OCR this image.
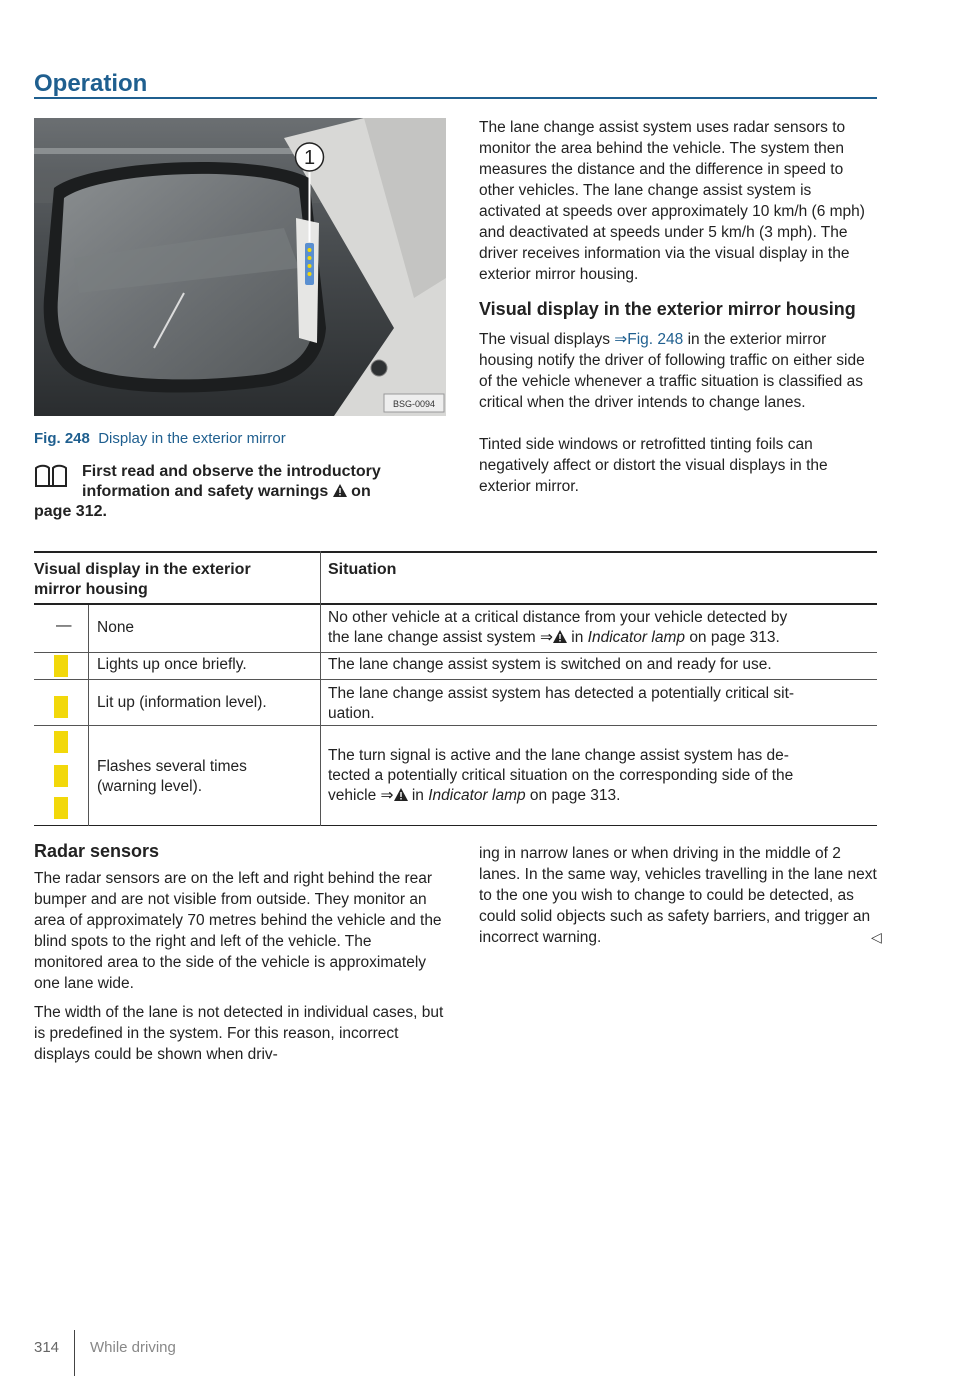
Operation
1
BSG-0094
Fig. 248 Display in the exterior mirror
First read and observe the introductory
information and safety warnings on
page 312.
The lane change assist system uses radar sensors to monitor the area behind the vehicle. The system then measures the distance and the difference in speed to other vehicles. The lane change assist system is activated at speeds over approximately 10 km/h (6 mph) and deactivated at speeds under 5 km/h (3 mph). The driver receives information via the visual display in the exterior mirror housing.
Visual display in the exterior mirror housing
The visual displays ⇒Fig. 248 in the exterior mirror housing notify the driver of following traffic on either side of the vehicle whenever a traffic situation is classified as critical when the driver intends to change lanes.
Tinted side windows or retrofitted tinting foils can negatively affect or distort the visual displays in the exterior mirror.
Visual display in the exterior
mirror housing
Situation
— None
No other vehicle at a critical distance from your vehicle detected by
the lane change assist system ⇒ in Indicator lamp on page 313.
Lights up once briefly.	The lane change assist system is switched on and ready for use.
Lit up (information level).
The lane change assist system has detected a potentially critical sit-
uation.
Flashes several times
(warning level).
The turn signal is active and the lane change assist system has de-
tected a potentially critical situation on the corresponding side of the
vehicle ⇒ in Indicator lamp on page 313.
Radar sensors
The radar sensors are on the left and right behind the rear bumper and are not visible from outside. They monitor an area of approximately 70 metres behind the vehicle and the blind spots to the right and left of the vehicle. The monitored area to the side of the vehicle is approximately one lane wide.
The width of the lane is not detected in individual cases, but is predefined in the system. For this reason, incorrect displays could be shown when driv-
ing in narrow lanes or when driving in the middle of 2 lanes. In the same way, vehicles travelling in the lane next to the one you wish to change to could be detected, as could solid objects such as safety barriers, and trigger an incorrect warning.	◁
314 While driving
